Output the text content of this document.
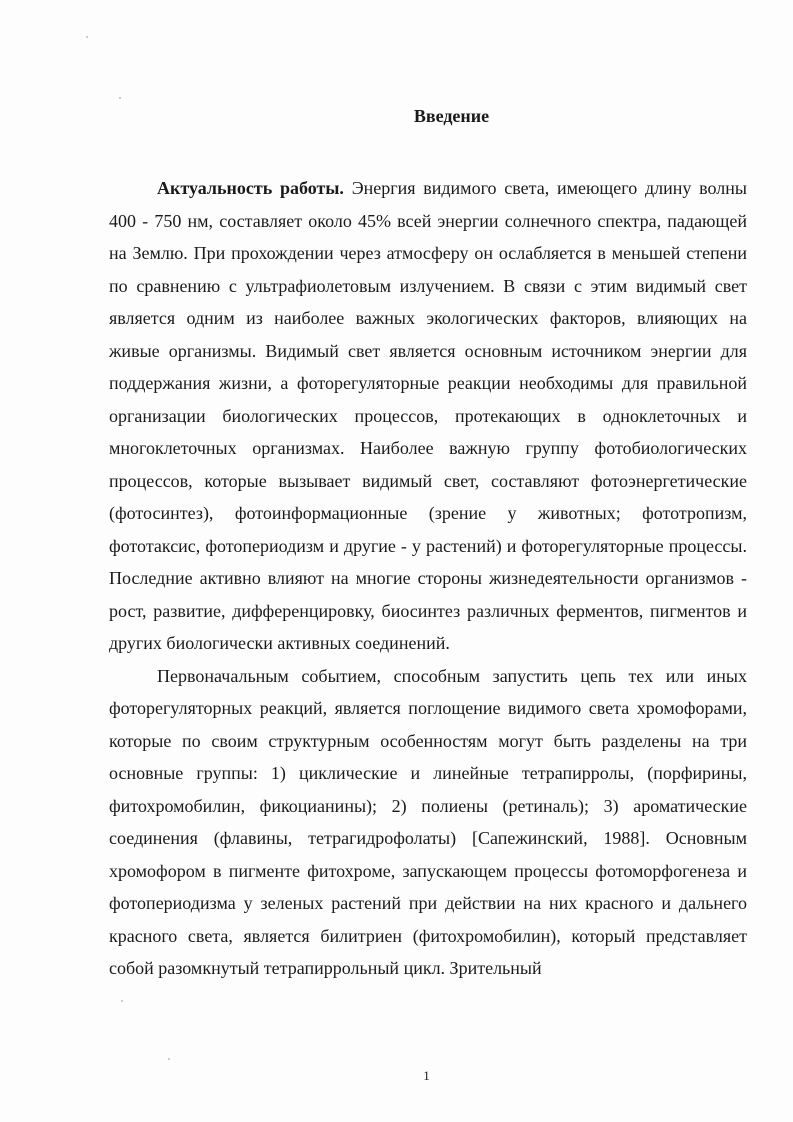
Введение

Актуальность работы. Энергия видимого света, имеющего длину волны 400 - 750 нм, составляет около 45% всей энергии солнечного спектра, падающей на Землю. При прохождении через атмосферу он ослабляется в меньшей степени по сравнению с ультрафиолетовым излучением. В связи с этим видимый свет является одним из наиболее важных экологических факторов, влияющих на живые организмы. Видимый свет является основным источником энергии для поддержания жизни, а фоторегуляторные реакции необходимы для правильной организации биологических процессов, протекающих в одноклеточных и многоклеточных организмах. Наиболее важную группу фотобиологических процессов, которые вызывает видимый свет, составляют фотоэнергетические (фотосинтез), фотоинформационные (зрение у животных; фототропизм, фототаксис, фотопериодизм и другие - у растений) и фоторегуляторные процессы. Последние активно влияют на многие стороны жизнедеятельности организмов - рост, развитие, дифференцировку, биосинтез различных ферментов, пигментов и других биологически активных соединений.

Первоначальным событием, способным запустить цепь тех или иных фоторегуляторных реакций, является поглощение видимого света хромофорами, которые по своим структурным особенностям могут быть разделены на три основные группы: 1) циклические и линейные тетрапирролы, (порфирины, фитохромобилин, фикоцианины); 2) полиены (ретиналь); 3) ароматические соединения (флавины, тетрагидрофолаты) [Сапежинский, 1988]. Основным хромофором в пигменте фитохроме, запускающем процессы фотоморфогенеза и фотопериодизма у зеленых растений при действии на них красного и дальнего красного света, является билитриен (фитохромобилин), который представляет собой разомкнутый тетрапиррольный цикл. Зрительный

1
